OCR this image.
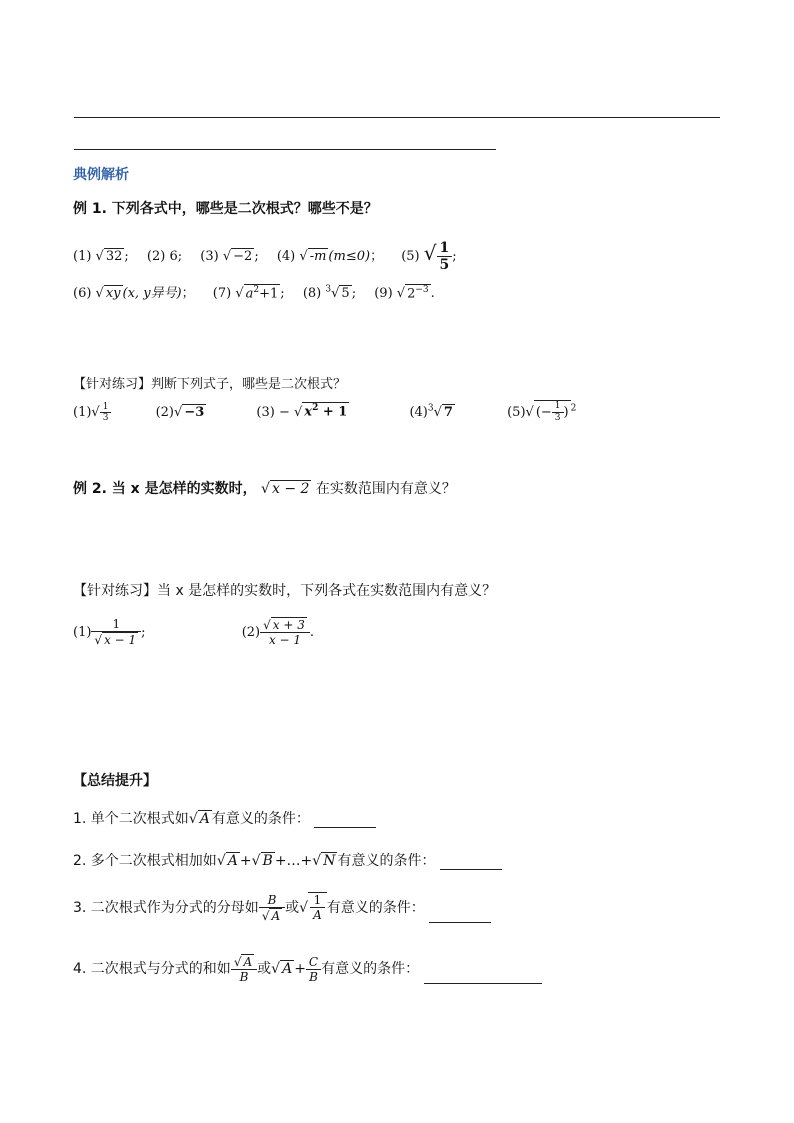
典例解析
例 1. 下列各式中，哪些是二次根式？哪些不是？
(1) √ 32 ; (2) 6; (3) √ −2 ; (4) √ -m (m≤0)； (5) √ $\frac{1}{5}$ ;
(6) √ xy (x, y异号)； (7) √ $a^2+1$ ; (8) $^3$√ 5 ; (9) √ $2^{-3}$ .
【针对练习】判断下列式子，哪些是二次根式？
$(1)√ \frac{1}{3}$	(2)√ −3	(3) − √ $x^2 + 1$	$(4)^3√$ 7	(5)√ (− $\frac{1}{3}$ ) $^2$
例 2. 当 x 是怎样的实数时， √ x − 2 在实数范围内有意义？
【针对练习】当 x 是怎样的实数时，下列各式在实数范围内有意义？
$(1) \frac{1}{√ x - 1}$ ;	$(2) \frac{√ x + 3}{x - 1}$ .
【总结提升】
1. 单个二次根式如√ A 有意义的条件：
2. 多个二次根式相加如√ A +√ B +…+√ N 有意义的条件：
3. 二次根式作为分式的分母如 $\frac{B}{√ A}$ 或√ $\frac{1}{A}$ 有意义的条件：
4. 二次根式与分式的和如 $\frac{√ A}{B}$ 或√ $A + \frac{C}{B}$ 有意义的条件：
